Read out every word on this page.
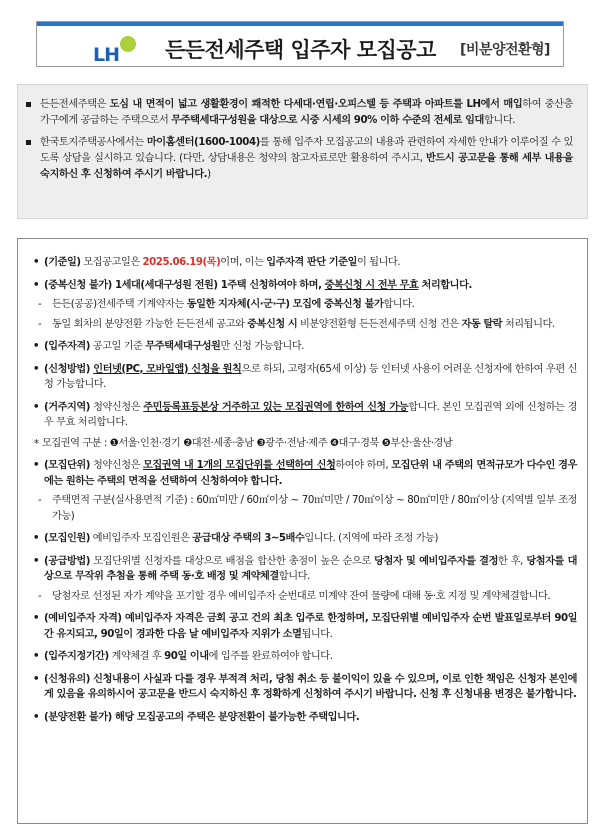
LH 든든전세주택 입주자 모집공고 [비분양전환형]
든든전세주택은 도심 내 면적이 넓고 생활환경이 쾌적한 다세대·연립·오피스텔 등 주택과 아파트를 LH에서 매입하여 중산층 가구에게 공급하는 주택으로서 무주택세대구성원을 대상으로 시중 시세의 90% 이하 수준의 전세로 임대합니다.
한국토지주택공사에서는 마이홈센터(1600-1004)를 통해 입주자 모집공고의 내용과 관련하여 자세한 안내가 이루어질 수 있도록 상담을 실시하고 있습니다. (다만, 상담내용은 청약의 참고자료로만 활용하여 주시고, 반드시 공고문을 통해 세부 내용을 숙지하신 후 신청하여 주시기 바랍니다.)
• (기준일) 모집공고일은 2025.06.19(목)이며, 이는 입주자격 판단 기준일이 됩니다.
• (중복신청 불가) 1세대(세대구성원 전원) 1주택 신청하여야 하며, 중복신청 시 전부 무효 처리합니다.
- 든든(공공)전세주택 기계약자는 동일한 지자체(시·군·구) 모집에 중복신청 불가합니다.
- 동일 회차의 분양전환 가능한 든든전세 공고와 중복신청 시 비분양전환형 든든전세주택 신청 건은 자동 탈락 처리됩니다.
• (입주자격) 공고일 기준 무주택세대구성원만 신청 가능합니다.
• (신청방법) 인터넷(PC, 모바일앱) 신청을 원칙으로 하되, 고령자(65세 이상) 등 인터넷 사용이 어려운 신청자에 한하여 우편 신청 가능합니다.
• (거주지역) 청약신청은 주민등록표등본상 거주하고 있는 모집권역에 한하여 신청 가능합니다. 본인 모집권역 외에 신청하는 경우 무효 처리합니다.
* 모집권역 구분 : ❶서울·인천·경기 ❷대전·세종·충남 ❸광주·전남·제주 ❹대구·경북 ❺부산·울산·경남
• (모집단위) 청약신청은 모집권역 내 1개의 모집단위를 선택하여 신청하여야 하며, 모집단위 내 주택의 면적규모가 다수인 경우에는 원하는 주택의 면적을 선택하여 신청하여야 합니다.
- 주택면적 구분(실사용면적 기준) : 60㎡미만 / 60㎡이상 ~ 70㎡미만 / 70㎡이상 ~ 80㎡미만 / 80㎡이상 (지역별 일부 조정 가능)
• (모집인원) 예비입주자 모집인원은 공급대상 주택의 3~5배수입니다. (지역에 따라 조정 가능)
• (공급방법) 모집단위별 신청자를 대상으로 배점을 합산한 총점이 높은 순으로 당첨자 및 예비입주자를 결정한 후, 당첨자를 대상으로 무작위 추첨을 통해 주택 동·호 배정 및 계약체결합니다.
- 당첨자로 선정된 자가 계약을 포기할 경우 예비입주자 순번대로 미계약 잔여 물량에 대해 동·호 지정 및 계약체결합니다.
• (예비입주자 자격) 예비입주자 자격은 금회 공고 건의 최초 입주로 한정하며, 모집단위별 예비입주자 순번 발표일로부터 90일간 유지되고, 90일이 경과한 다음 날 예비입주자 지위가 소멸됩니다.
• (입주지정기간) 계약체결 후 90일 이내에 입주를 완료하여야 합니다.
• (신청유의) 신청내용이 사실과 다를 경우 부적격 처리, 당첨 취소 등 불이익이 있을 수 있으며, 이로 인한 책임은 신청자 본인에게 있음을 유의하시어 공고문을 반드시 숙지하신 후 정확하게 신청하여 주시기 바랍니다. 신청 후 신청내용 변경은 불가합니다.
• (분양전환 불가) 해당 모집공고의 주택은 분양전환이 불가능한 주택입니다.
